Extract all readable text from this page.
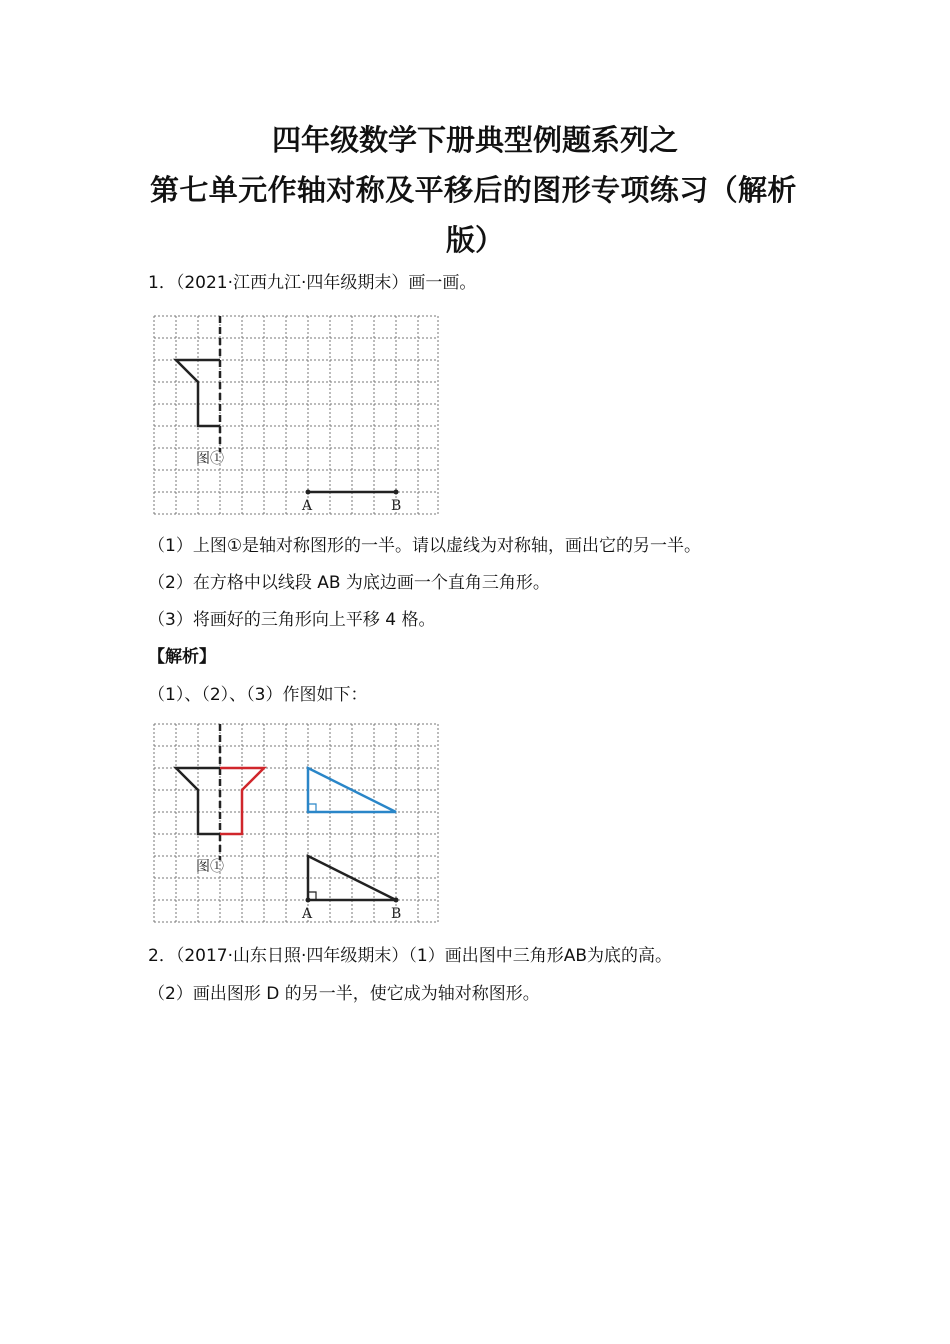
四年级数学下册典型例题系列之
第七单元作轴对称及平移后的图形专项练习（解析
版）
1．（2021·江西九江·四年级期末）画一画。
图①
A	B
（1）上图①是轴对称图形的一半。请以虚线为对称轴，画出它的另一半。
（2）在方格中以线段 AB 为底边画一个直角三角形。
（3）将画好的三角形向上平移 4 格。
【解析】
（1）、（2）、（3）作图如下：
图①
A	B
2．（2017·山东日照·四年级期末）（1）画出图中三角形AB为底的高。
（2）画出图形 D 的另一半，使它成为轴对称图形。
